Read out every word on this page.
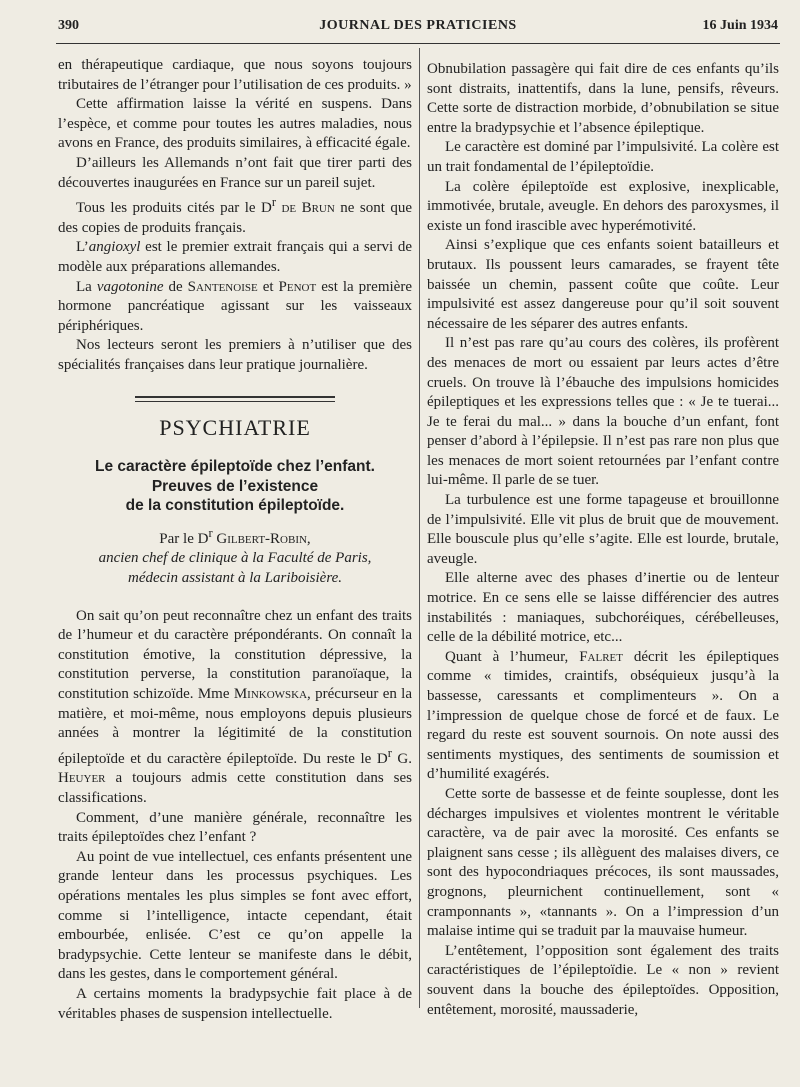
390	JOURNAL DES PRATICIENS	16 Juin 1934

en thérapeutique cardiaque, que nous soyons toujours tributaires de l’étranger pour l’utilisation de ces produits. »

Cette affirmation laisse la vérité en suspens. Dans l’espèce, et comme pour toutes les autres maladies, nous avons en France, des produits similaires, à efficacité égale.

D’ailleurs les Allemands n’ont fait que tirer parti des découvertes inaugurées en France sur un pareil sujet.

Tous les produits cités par le $D^r$ de Brun ne sont que des copies de produits français.

L’angioxyl est le premier extrait français qui a servi de modèle aux préparations allemandes.

La vagotonine de Santenoise et Penot est la première hormone pancréatique agissant sur les vaisseaux périphériques.

Nos lecteurs seront les premiers à n’utiliser que des spécialités françaises dans leur pratique journalière.

PSYCHIATRIE
Le caractère épileptoïde chez l’enfant.
Preuves de l’existence
de la constitution épileptoïde.
Par le $D^r$ Gilbert-Robin,
ancien chef de clinique à la Faculté de Paris,
médecin assistant à la Lariboisière.

On sait qu’on peut reconnaître chez un enfant des traits de l’humeur et du caractère prépondérants. On connaît la constitution émotive, la constitution dépressive, la constitution perverse, la constitution paranoïaque, la constitution schizoïde. Mme Minkowska, précurseur en la matière, et moi-même, nous employons depuis plusieurs années à montrer la légitimité de la constitution épileptoïde et du caractère épileptoïde. Du reste le $D^r$ G. Heuyer a toujours admis cette constitution dans ses classifications.

Comment, d’une manière générale, reconnaître les traits épileptoïdes chez l’enfant ?

Au point de vue intellectuel, ces enfants présentent une grande lenteur dans les processus psychiques. Les opérations mentales les plus simples se font avec effort, comme si l’intelligence, intacte cependant, était embourbée, enlisée. C’est ce qu’on appelle la bradypsychie. Cette lenteur se manifeste dans le débit, dans les gestes, dans le comportement général.

A certains moments la bradypsychie fait place à de véritables phases de suspension intellectuelle.

Obnubilation passagère qui fait dire de ces enfants qu’ils sont distraits, inattentifs, dans la lune, pensifs, rêveurs. Cette sorte de distraction morbide, d’obnubilation se situe entre la bradypsychie et l’absence épileptique.

Le caractère est dominé par l’impulsivité. La colère est un trait fondamental de l’épileptoïdie.

La colère épileptoïde est explosive, inexplicable, immotivée, brutale, aveugle. En dehors des paroxysmes, il existe un fond irascible avec hyperémotivité.

Ainsi s’explique que ces enfants soient batailleurs et brutaux. Ils poussent leurs camarades, se frayent tête baissée un chemin, passent coûte que coûte. Leur impulsivité est assez dangereuse pour qu’il soit souvent nécessaire de les séparer des autres enfants.

Il n’est pas rare qu’au cours des colères, ils profèrent des menaces de mort ou essaient par leurs actes d’être cruels. On trouve là l’ébauche des impulsions homicides épileptiques et les expressions telles que : « Je te tuerai... Je te ferai du mal... » dans la bouche d’un enfant, font penser d’abord à l’épilepsie. Il n’est pas rare non plus que les menaces de mort soient retournées par l’enfant contre lui-même. Il parle de se tuer.

La turbulence est une forme tapageuse et brouillonne de l’impulsivité. Elle vit plus de bruit que de mouvement. Elle bouscule plus qu’elle s’agite. Elle est lourde, brutale, aveugle.

Elle alterne avec des phases d’inertie ou de lenteur motrice. En ce sens elle se laisse différencier des autres instabilités : maniaques, subchoréiques, cérébelleuses, celle de la débilité motrice, etc...

Quant à l’humeur, Falret décrit les épileptiques comme « timides, craintifs, obséquieux jusqu’à la bassesse, caressants et complimenteurs ». On a l’impression de quelque chose de forcé et de faux. Le regard du reste est souvent sournois. On note aussi des sentiments mystiques, des sentiments de soumission et d’humilité exagérés.

Cette sorte de bassesse et de feinte souplesse, dont les décharges impulsives et violentes montrent le véritable caractère, va de pair avec la morosité. Ces enfants se plaignent sans cesse ; ils allèguent des malaises divers, ce sont des hypocondriaques précoces, ils sont maussades, grognons, pleurnichent continuellement, sont « cramponnants », «tannants ». On a l’impression d’un malaise intime qui se traduit par la mauvaise humeur.

L’entêtement, l’opposition sont également des traits caractéristiques de l’épileptoïdie. Le « non » revient souvent dans la bouche des épileptoïdes. Opposition, entêtement, morosité, maussaderie,
